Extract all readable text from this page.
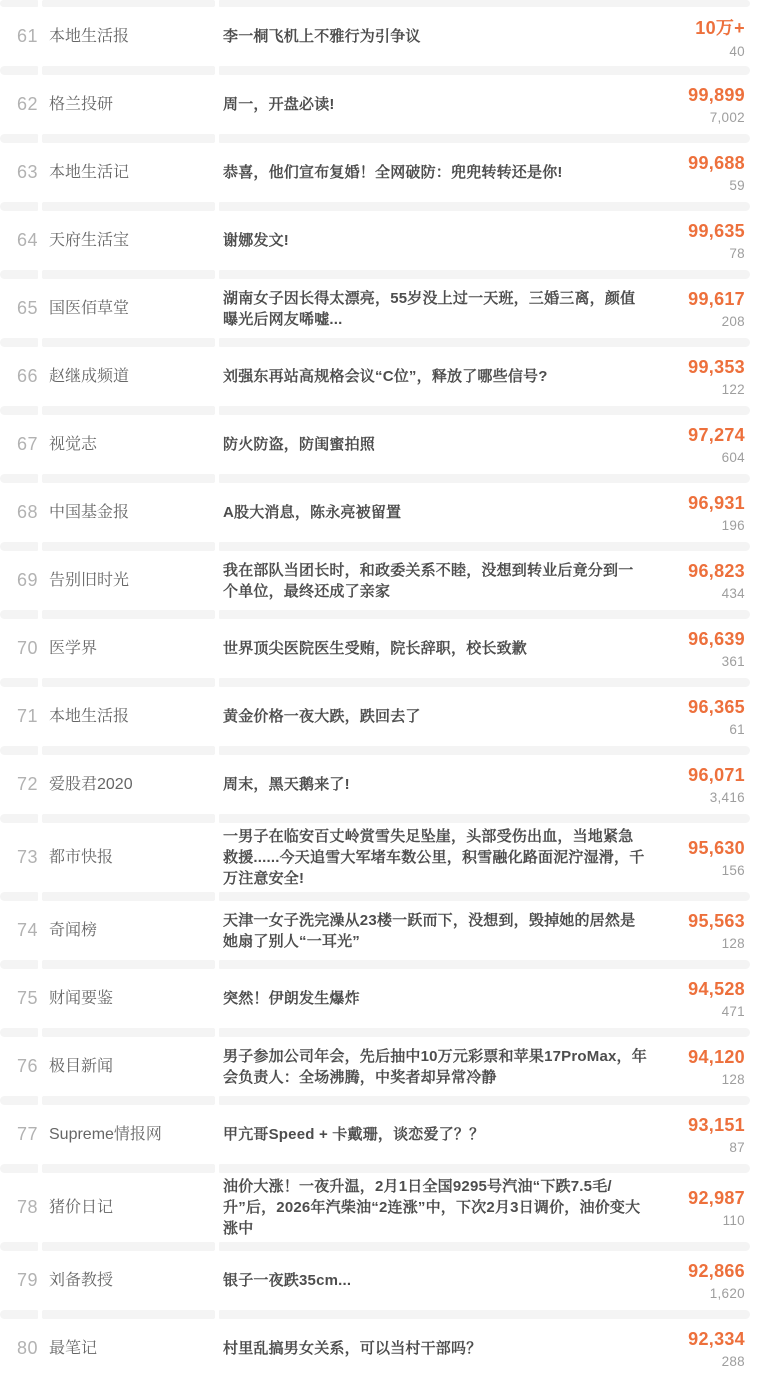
61 本地生活报	李一桐飞机上不雅行为引争议	10万+
40
62 格兰投研	周一，开盘必读!	99,899
7,002
63 本地生活记	恭喜，他们宣布复婚！全网破防：兜兜转转还是你!	99,688
59
64 天府生活宝	谢娜发文!	99,635
78
65 国医佰草堂
湖南女子因长得太漂亮，55岁没上过一天班，三婚三离，颜值曝光后网友唏嘘...
99,617
208
66 赵继成频道	刘强东再站高规格会议“C位”，释放了哪些信号?	99,353
122
67 视觉志	防火防盗，防闺蜜拍照	97,274
604
68 中国基金报	A股大消息，陈永亮被留置	96,931
196
69 告别旧时光
我在部队当团长时，和政委关系不睦，没想到转业后竟分到一个单位，最终还成了亲家
96,823
434
70 医学界	世界顶尖医院医生受贿，院长辞职，校长致歉	96,639
361
71 本地生活报	黄金价格一夜大跌，跌回去了	96,365
61
72 爱股君2020	周末，黑天鹅来了!	96,071
3,416
73 都市快报
一男子在临安百丈岭赏雪失足坠崖，头部受伤出血，当地紧急救援......今天追雪大军堵车数公里，积雪融化路面泥泞湿滑，千万注意安全!
95,630
156
74 奇闻榜
天津一女子洗完澡从23楼一跃而下，没想到，毁掉她的居然是她扇了别人“一耳光”
95,563
128
75 财闻要鉴	突然！伊朗发生爆炸	94,528
471
76 极目新闻
男子参加公司年会，先后抽中10万元彩票和苹果17ProMax，年会负责人：全场沸腾，中奖者却异常冷静
94,120
128
77 Supreme情报网	甲亢哥Speed + 卡戴珊，谈恋爱了？？	93,151
87
78 猪价日记
油价大涨！一夜升温，2月1日全国9295号汽油“下跌7.5毛/升”后，2026年汽柴油“2连涨”中，下次2月3日调价，油价变大涨中
92,987
110
79 刘备教授	银子一夜跌35cm...	92,866
1,620
80 最笔记	村里乱搞男女关系，可以当村干部吗？	92,334
288
